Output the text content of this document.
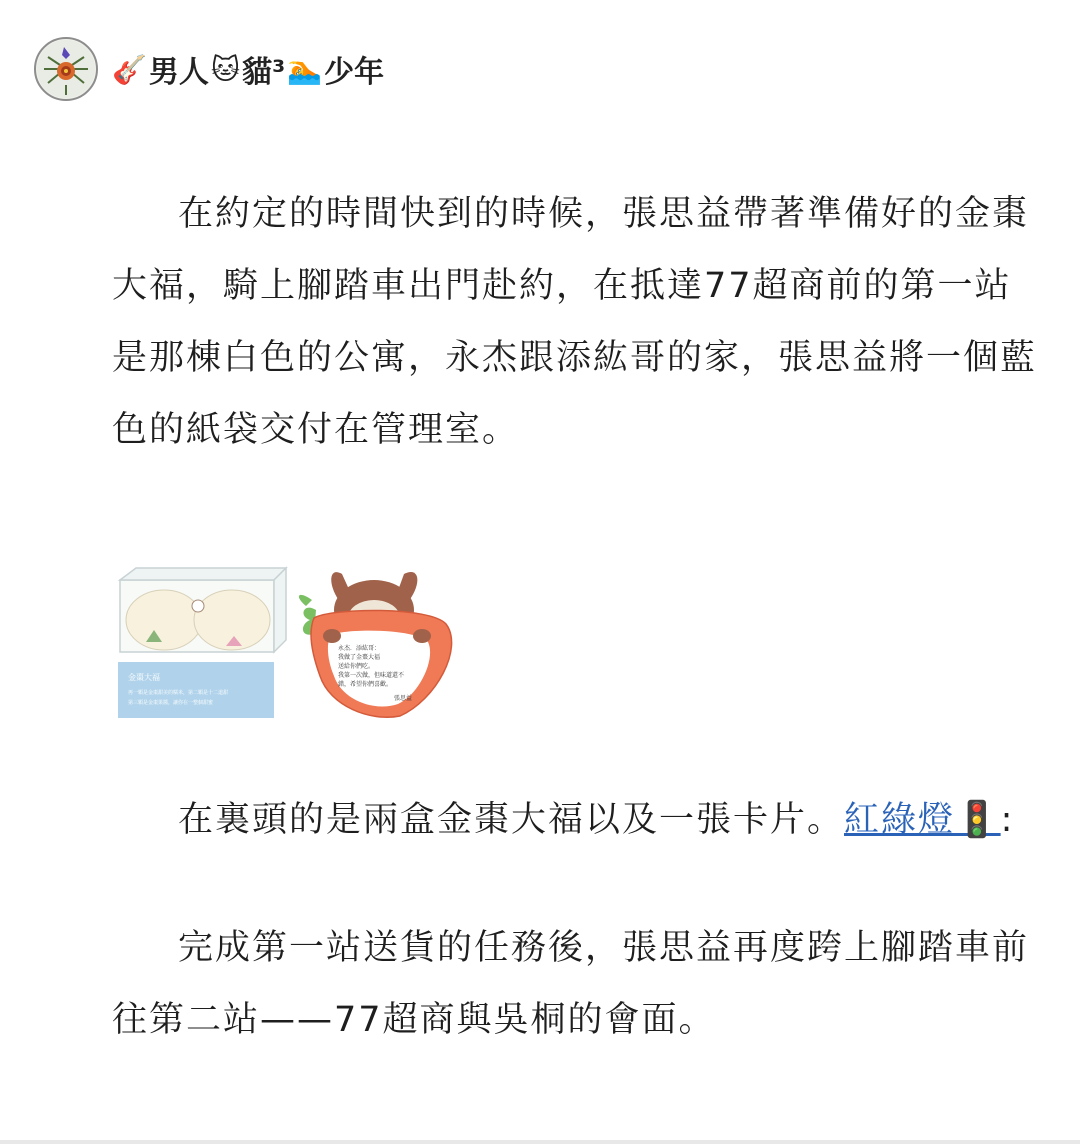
🎸 男人 🐱 貓³ 🏊 少年

在約定的時間快到的時候，張思益帶著準備好的金棗大福，騎上腳踏車出門赴約，在抵達77超商前的第一站是那棟白色的公寓，永杰跟添紘哥的家，張思益將一個藍色的紙袋交付在管理室。

在裏頭的是兩盒金棗大福以及一張卡片。紅綠燈🚦:

完成第一站送貨的任務後，張思益再度跨上腳踏車前往第二站——77超商與吳桐的會面。

金棗大福
再一顆是金棗甜美的糯米，第二顆是十二道甜
第三顆是金棗果醬，讓你在一整個甜蜜
永杰．添紘哥：
我做了金棗大福
送給你們吃。
我第一次做，但味道還不
錯，希望你們喜歡。
張思益
